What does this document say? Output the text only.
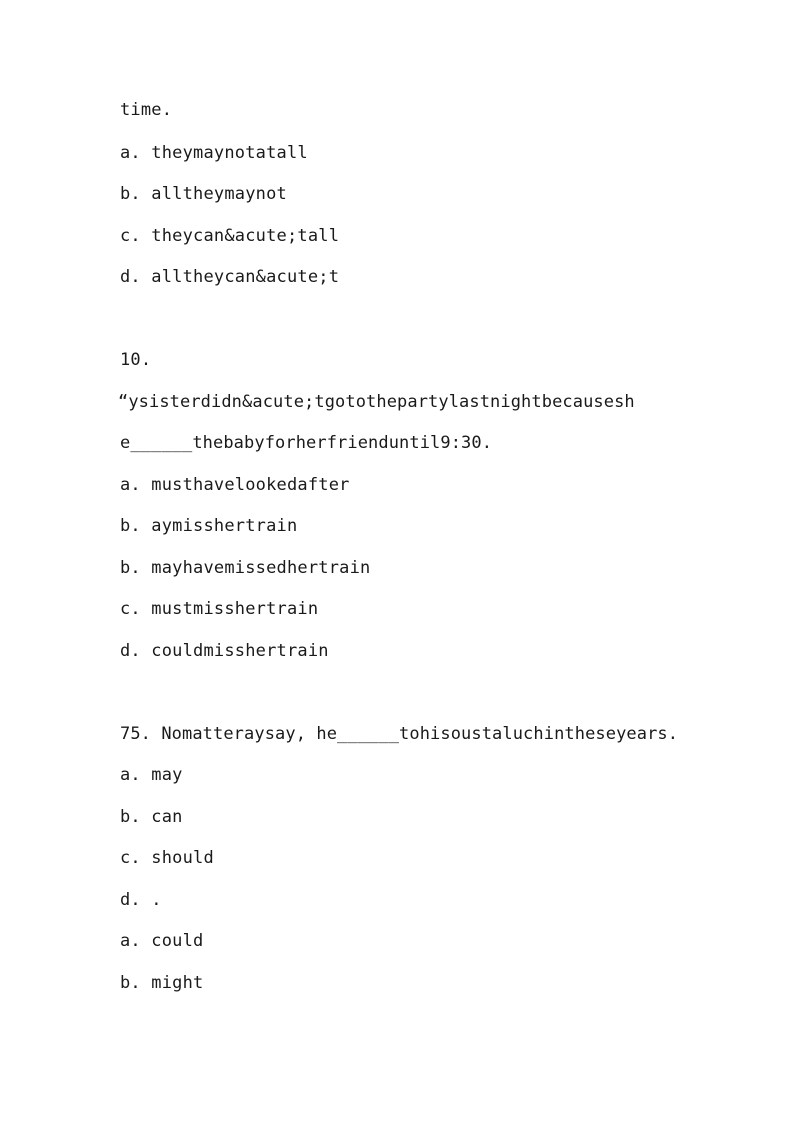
time.
a. theymaynotatall
b. alltheymaynot
c. theycan&acute;tall
d. alltheycan&acute;t
10.
“ysisterdidn&acute;tgotothepartylastnightbecausesh
e______thebabyforherfrienduntil9:30.
a. musthavelookedafter
b. aymisshertrain
b. mayhavemissedhertrain
c. mustmisshertrain
d. couldmisshertrain
75. Nomatteraysay, he______tohisoustaluchintheseyears.
a. may
b. can
c. should
d. .
a. could
b. might
